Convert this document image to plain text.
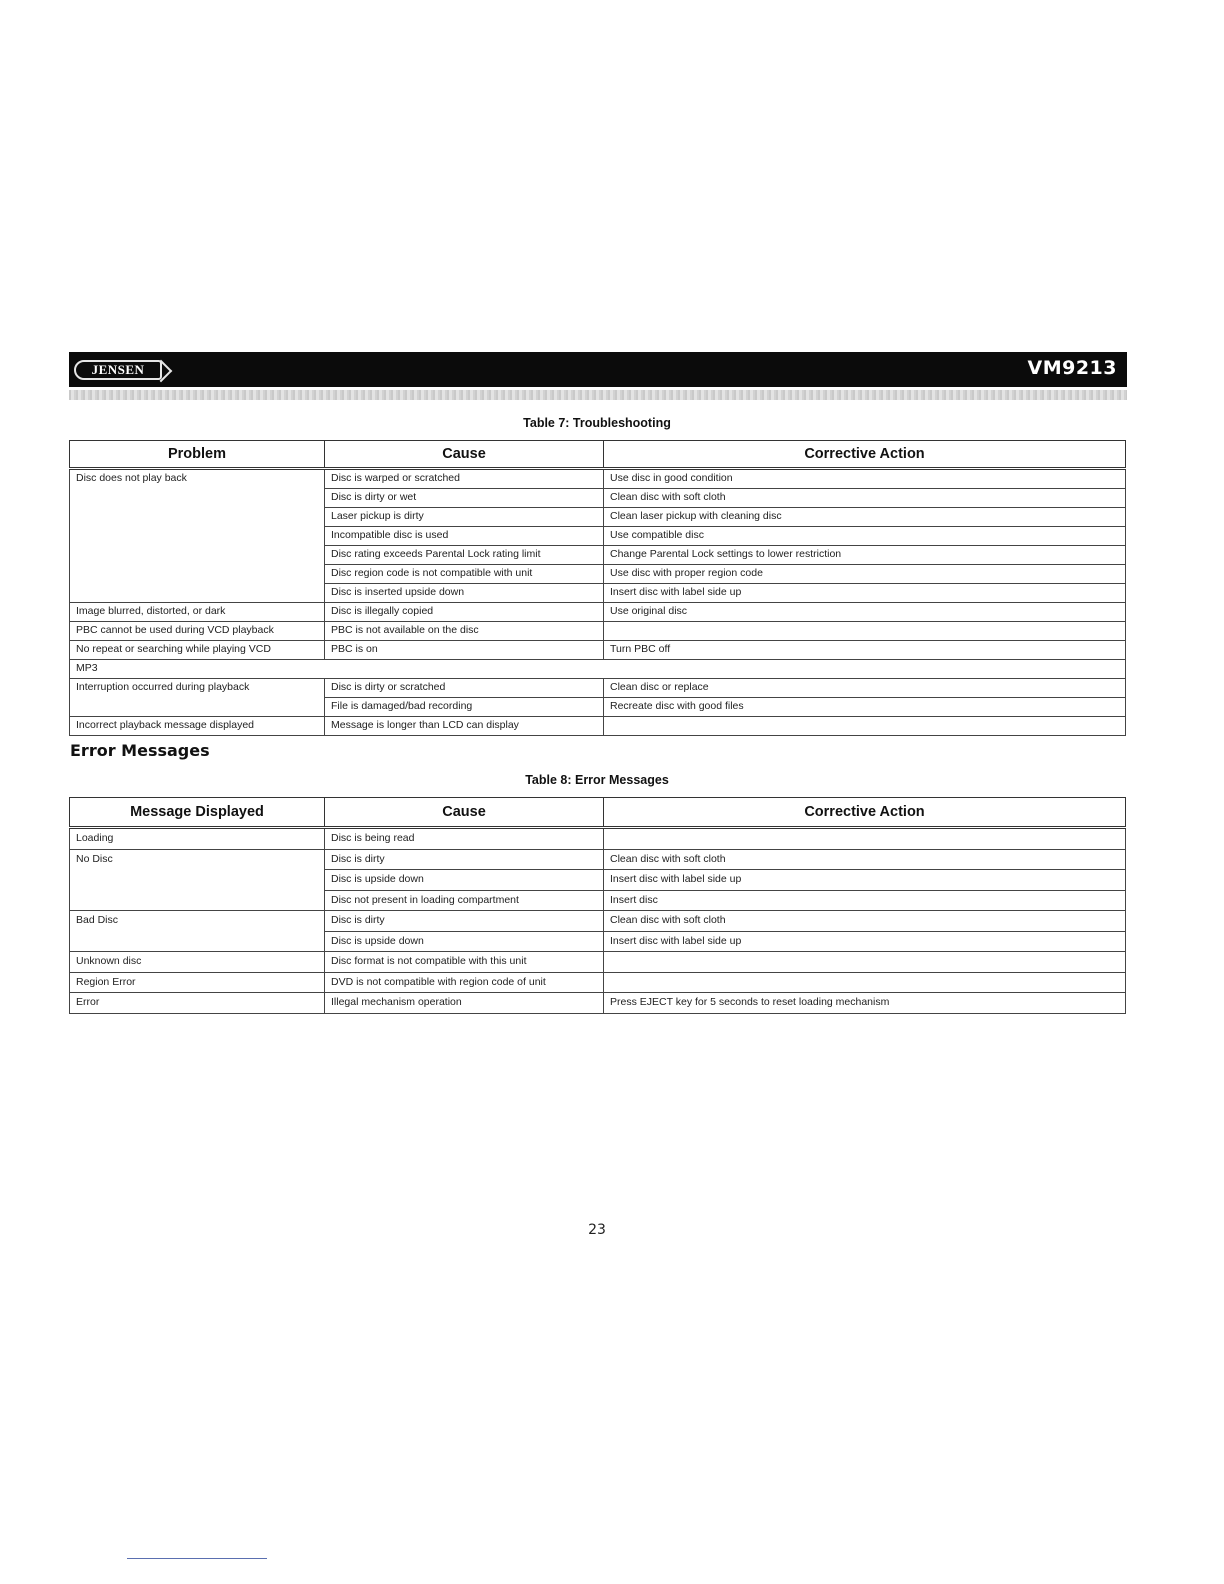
JENSEN	VM9213
Table 7: Troubleshooting
Problem	Cause	Corrective Action
Disc does not play back	Disc is warped or scratched	Use disc in good condition
	Disc is dirty or wet	Clean disc with soft cloth
	Laser pickup is dirty	Clean laser pickup with cleaning disc
	Incompatible disc is used	Use compatible disc
	Disc rating exceeds Parental Lock rating limit	Change Parental Lock settings to lower restriction
	Disc region code is not compatible with unit	Use disc with proper region code
	Disc is inserted upside down	Insert disc with label side up
Image blurred, distorted, or dark	Disc is illegally copied	Use original disc
PBC cannot be used during VCD playback	PBC is not available on the disc	
No repeat or searching while playing VCD	PBC is on	Turn PBC off
MP3		
Interruption occurred during playback	Disc is dirty or scratched	Clean disc or replace
	File is damaged/bad recording	Recreate disc with good files
Incorrect playback message displayed	Message is longer than LCD can display	
Error Messages
Table 8: Error Messages
Message Displayed	Cause	Corrective Action
Loading	Disc is being read	
No Disc	Disc is dirty	Clean disc with soft cloth
	Disc is upside down	Insert disc with label side up
	Disc not present in loading compartment	Insert disc
Bad Disc	Disc is dirty	Clean disc with soft cloth
	Disc is upside down	Insert disc with label side up
Unknown disc	Disc format is not compatible with this unit	
Region Error	DVD is not compatible with region code of unit	
Error	Illegal mechanism operation	Press EJECT key for 5 seconds to reset loading mechanism
23
